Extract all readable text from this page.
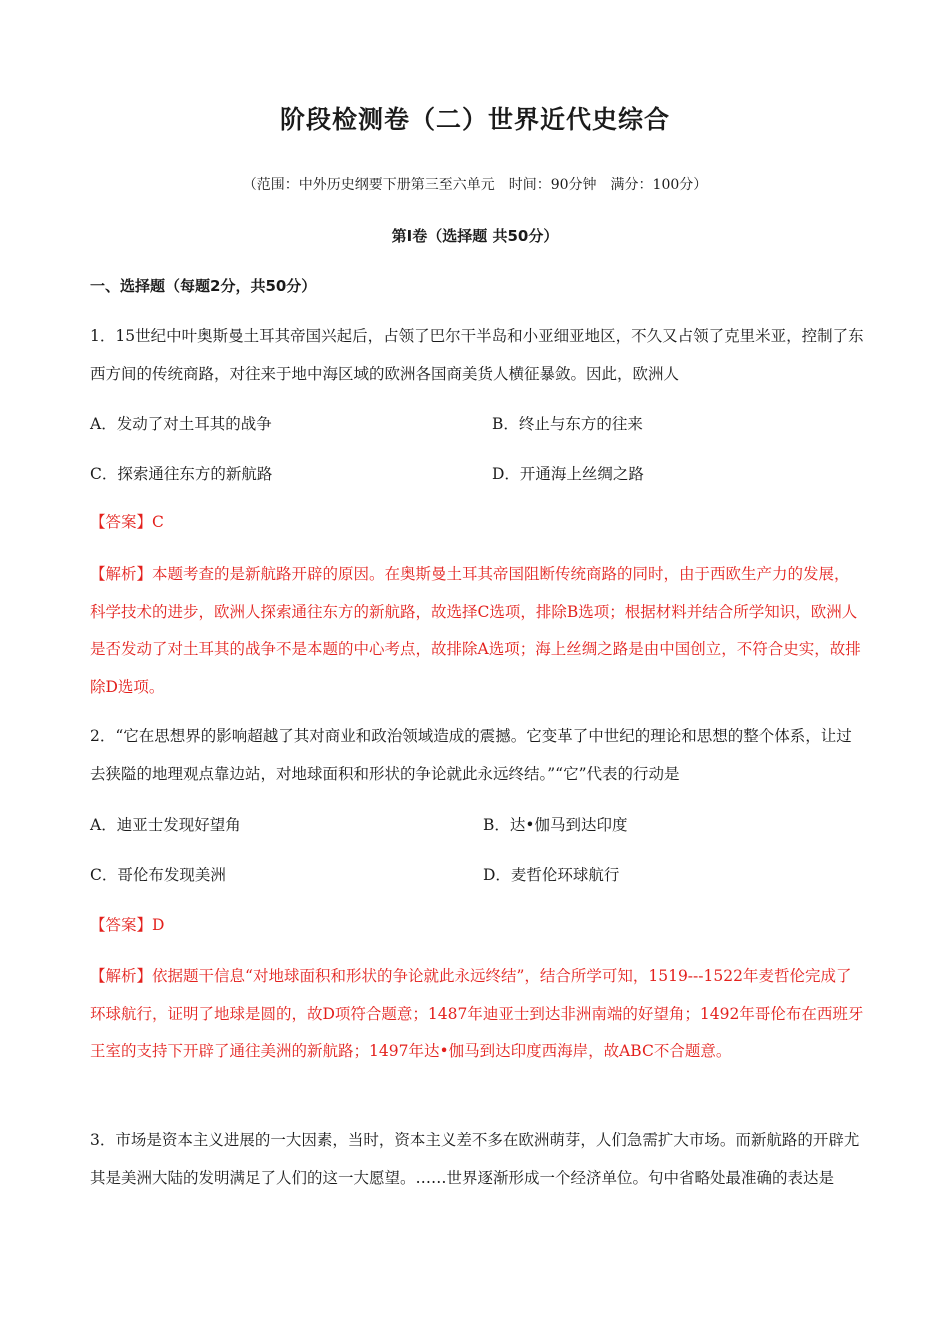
阶段检测卷（二）世界近代史综合
（范围：中外历史纲要下册第三至六单元　时间：90分钟　满分：100分）
第Ⅰ卷（选择题 共50分）
一、选择题（每题2分，共50分）
1．15世纪中叶奥斯曼土耳其帝国兴起后，占领了巴尔干半岛和小亚细亚地区，不久又占领了克里米亚，控制了东西方间的传统商路，对往来于地中海区域的欧洲各国商美货人横征暴敛。因此，欧洲人
A．发动了对土耳其的战争	B．终止与东方的往来
C．探索通往东方的新航路	D．开通海上丝绸之路
【答案】C
【解析】本题考查的是新航路开辟的原因。在奥斯曼土耳其帝国阻断传统商路的同时，由于西欧生产力的发展，科学技术的进步，欧洲人探索通往东方的新航路，故选择C选项，排除B选项；根据材料并结合所学知识，欧洲人是否发动了对土耳其的战争不是本题的中心考点，故排除A选项；海上丝绸之路是由中国创立，不符合史实，故排除D选项。
2．“它在思想界的影响超越了其对商业和政治领域造成的震撼。它变革了中世纪的理论和思想的整个体系，让过去狭隘的地理观点靠边站，对地球面积和形状的争论就此永远终结。”“它”代表的行动是
A．迪亚士发现好望角	B．达•伽马到达印度
C．哥伦布发现美洲	D．麦哲伦环球航行
【答案】D
【解析】依据题干信息“对地球面积和形状的争论就此永远终结”，结合所学可知，1519---1522年麦哲伦完成了环球航行，证明了地球是圆的，故D项符合题意；1487年迪亚士到达非洲南端的好望角；1492年哥伦布在西班牙王室的支持下开辟了通往美洲的新航路；1497年达•伽马到达印度西海岸，故ABC不合题意。
3．市场是资本主义进展的一大因素，当时，资本主义差不多在欧洲萌芽，人们急需扩大市场。而新航路的开辟尤其是美洲大陆的发明满足了人们的这一大愿望。……世界逐渐形成一个经济单位。句中省略处最准确的表达是
